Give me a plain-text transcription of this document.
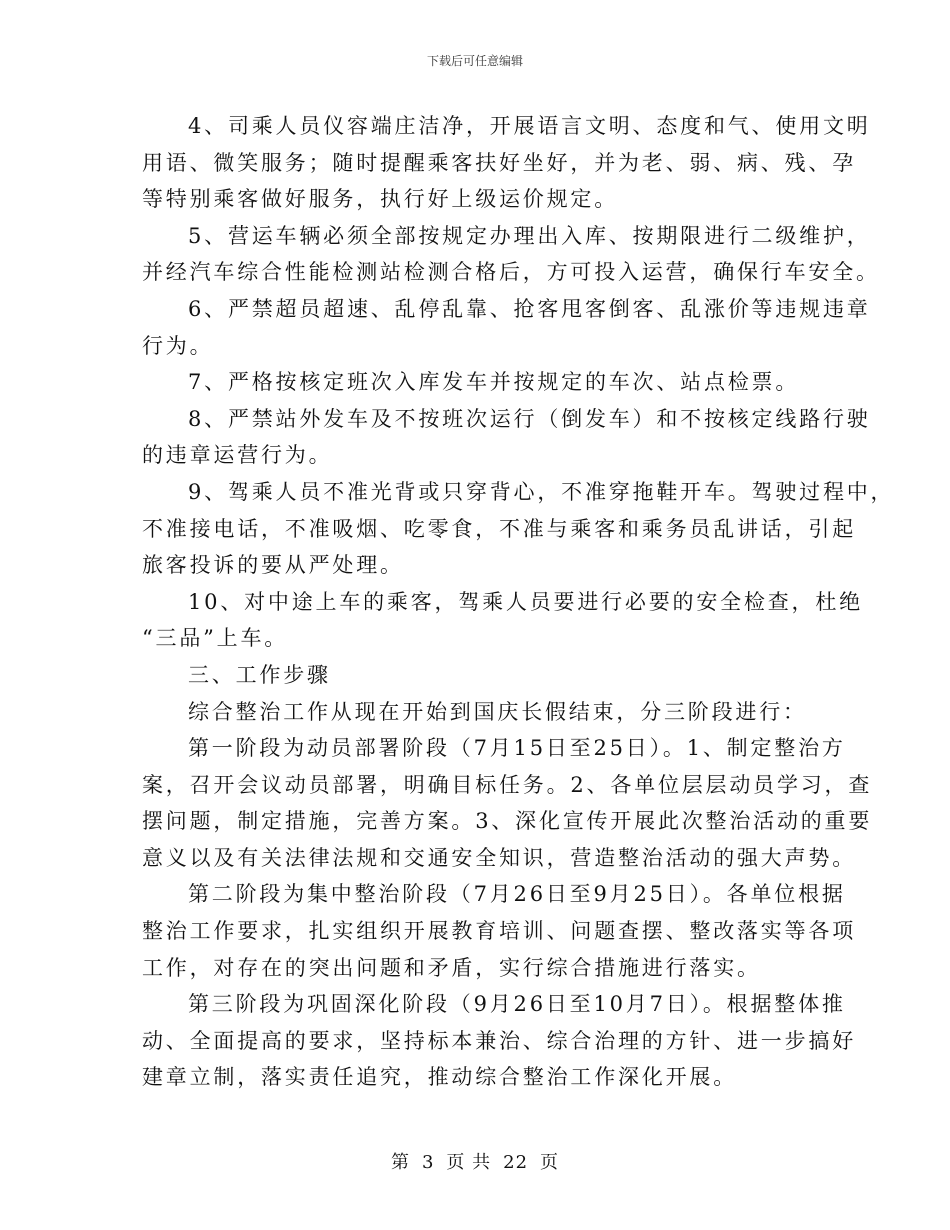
下载后可任意编辑

4、司乘人员仪容端庄洁净，开展语言文明、态度和气、使用文明
用语、微笑服务；随时提醒乘客扶好坐好，并为老、弱、病、残、孕
等特别乘客做好服务，执行好上级运价规定。

5、营运车辆必须全部按规定办理出入库、按期限进行二级维护，
并经汽车综合性能检测站检测合格后，方可投入运营，确保行车安全。

6、严禁超员超速、乱停乱靠、抢客甩客倒客、乱涨价等违规违章
行为。

7、严格按核定班次入库发车并按规定的车次、站点检票。

8、严禁站外发车及不按班次运行（倒发车）和不按核定线路行驶
的违章运营行为。

9、驾乘人员不准光背或只穿背心，不准穿拖鞋开车。驾驶过程中，
不准接电话，不准吸烟、吃零食，不准与乘客和乘务员乱讲话，引起
旅客投诉的要从严处理。

10、对中途上车的乘客，驾乘人员要进行必要的安全检查，杜绝
“三品”上车。

三、工作步骤

综合整治工作从现在开始到国庆长假结束，分三阶段进行：

第一阶段为动员部署阶段（7月15日至25日）。1、制定整治方
案，召开会议动员部署，明确目标任务。2、各单位层层动员学习，查
摆问题，制定措施，完善方案。3、深化宣传开展此次整治活动的重要
意义以及有关法律法规和交通安全知识，营造整治活动的强大声势。

第二阶段为集中整治阶段（7月26日至9月25日）。各单位根据
整治工作要求，扎实组织开展教育培训、问题查摆、整改落实等各项
工作，对存在的突出问题和矛盾，实行综合措施进行落实。

第三阶段为巩固深化阶段（9月26日至10月7日）。根据整体推
动、全面提高的要求，坚持标本兼治、综合治理的方针、进一步搞好
建章立制，落实责任追究，推动综合整治工作深化开展。

第 3 页 共 22 页
